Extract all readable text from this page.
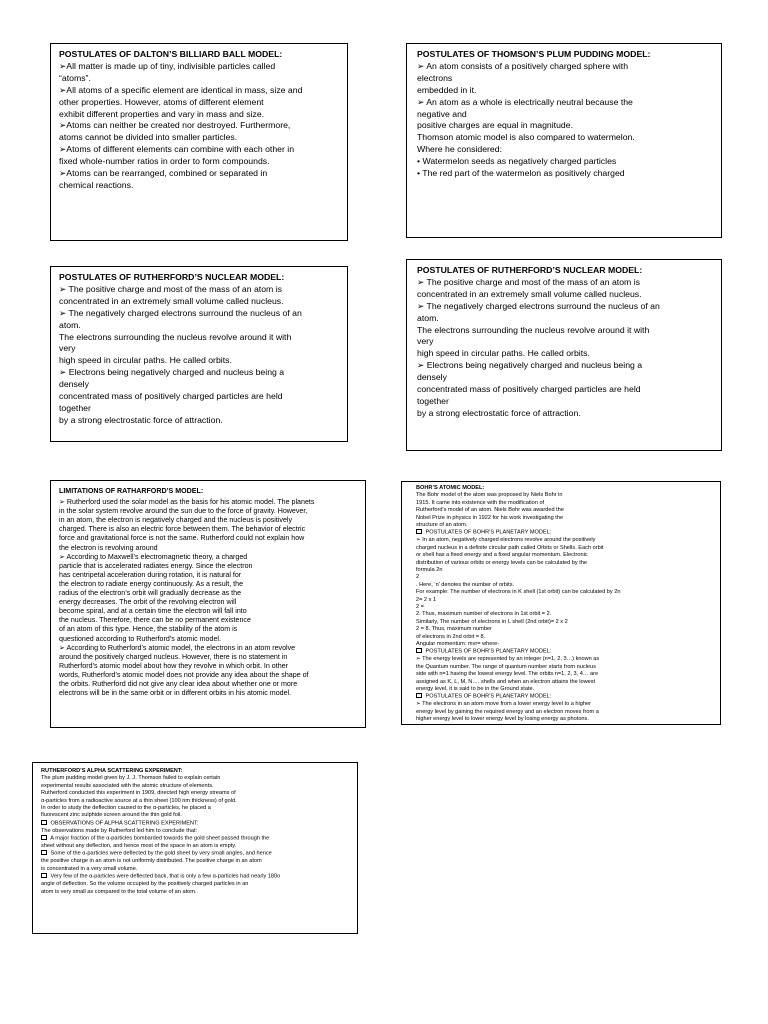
POSTULATES OF DALTON’S BILLIARD BALL MODEL:

➢All matter is made up of tiny, indivisible particles called
“atoms”.
➢All atoms of a specific element are identical in mass, size and
other properties. However, atoms of different element
exhibit different properties and vary in mass and size.
➢Atoms can neither be created nor destroyed. Furthermore,
atoms cannot be divided into smaller particles.
➢Atoms of different elements can combine with each other in
fixed whole-number ratios in order to form compounds.
➢Atoms can be rearranged, combined or separated in
chemical reactions.

POSTULATES OF THOMSON’S PLUM PUDDING MODEL:

➢ An atom consists of a positively charged sphere with
electrons
embedded in it.
➢ An atom as a whole is electrically neutral because the
negative and
positive charges are equal in magnitude.
Thomson atomic model is also compared to watermelon.
Where he considered:
• Watermelon seeds as negatively charged particles
• The red part of the watermelon as positively charged

POSTULATES OF RUTHERFORD’S NUCLEAR MODEL:

➢ The positive charge and most of the mass of an atom is
concentrated in an extremely small volume called nucleus.
➢ The negatively charged electrons surround the nucleus of an
atom.
The electrons surrounding the nucleus revolve around it with
very
high speed in circular paths. He called orbits.
➢ Electrons being negatively charged and nucleus being a
densely
concentrated mass of positively charged particles are held
together
by a strong electrostatic force of attraction.

POSTULATES OF RUTHERFORD’S NUCLEAR MODEL:

➢ The positive charge and most of the mass of an atom is
concentrated in an extremely small volume called nucleus.
➢ The negatively charged electrons surround the nucleus of an
atom.
The electrons surrounding the nucleus revolve around it with
very
high speed in circular paths. He called orbits.
➢ Electrons being negatively charged and nucleus being a
densely
concentrated mass of positively charged particles are held
together
by a strong electrostatic force of attraction.

LIMITATIONS OF RATHARFORD’S MODEL:

➢ Rutherford used the solar model as the basis for his atomic model. The planets
in the solar system revolve around the sun due to the force of gravity. However,
in an atom, the electron is negatively charged and the nucleus is positively
charged. There is also an electric force between them. The behavior of electric
force and gravitational force is not the same. Rutherford could not explain how
the electron is revolving around
➢ According to Maxwell’s electromagnetic theory, a charged
particle that is accelerated radiates energy. Since the electron
has centripetal acceleration during rotation, it is natural for
the electron to radiate energy continuously. As a result, the
radius of the electron’s orbit will gradually decrease as the
energy decreases. The orbit of the revolving electron will
become spiral, and at a certain time the electron will fall into
the nucleus. Therefore, there can be no permanent existence
of an atom of this type. Hence, the stability of the atom is
questioned according to Rutherford’s atomic model.
➢ According to Rutherford’s atomic model, the electrons in an atom revolve
around the positively charged nucleus. However, there is no statement in
Rutherford’s atomic model about how they revolve in which orbit. In other
words, Rutherford’s atomic model does not provide any idea about the shape of
the orbits. Rutherford did not give any clear idea about whether one or more
electrons will be in the same orbit or in different orbits in his atomic model.

BOHR’S ATOMIC MODEL:

The Bohr model of the atom was proposed by Niels Bohr in
1915. It came into existence with the modification of
Rutherford’s model of an atom. Niels Bohr was awarded the
Nobel Prize in physics in 1922 for his work investigating the
structure of an atom.
POSTULATES OF BOHR’S PLANETARY MODEL:
➢ In an atom, negatively charged electrons revolve around the positively
charged nucleus in a definite circular path called Orbits or Shells. Each orbit
or shell has a fixed energy and a fixed angular momentum. Electronic
distribution of various orbits or energy levels can be calculated by the
formula 2n
2
. Here, ‘n’ denotes the number of orbits.
For example: The number of electrons in K shell (1st orbit) can be calculated by 2n
2= 2 x 1
2 =
2. Thus, maximum number of electrons in 1st orbit = 2.
Similarly, The number of electrons in L shell (2nd orbit)= 2 x 2
2 = 8. Thus, maximum number
of electrons in 2nd orbit = 8.
Angular momentum: mvr= where-
POSTULATES OF BOHR’S PLANETARY MODEL:
➢ The energy levels are represented by an integer (n=1, 2, 3…) known as
the Quantum number. The range of quantum number starts from nucleus
side with n=1 having the lowest energy level. The orbits n=1, 2, 3, 4… are
assigned as K, L, M, N…. shells and when an electron attains the lowest
energy level, it is said to be in the Ground state.
POSTULATES OF BOHR’S PLANETARY MODEL:
➢ The electrons in an atom move from a lower energy level to a higher
energy level by gaining the required energy and an electron moves from a
higher energy level to lower energy level by losing energy as photons.

RUTHERFORD’S ALPHA SCATTERING EXPERIMENT:

The plum pudding model given by J. J. Thomson failed to explain certain
experimental results associated with the atomic structure of elements.
Rutherford conducted this experiment in 1909, directed high energy streams of
α-particles from a radioactive source at a thin sheet (100 nm thickness) of gold.
In order to study the deflection caused to the α-particles, he placed a
fluorescent zinc sulphide screen around the thin gold foil.
OBSERVATIONS OF ALPHA SCATTERING EXPERIMENT:
The observations made by Rutherford led him to conclude that:
A major fraction of the α-particles bombarded towards the gold sheet passed through the
sheet without any deflection, and hence most of the space in an atom is empty.
Some of the α-particles were deflected by the gold sheet by very small angles, and hence
the positive charge in an atom is not uniformly distributed. The positive charge in an atom
is concentrated in a very small volume.
Very few of the α-particles were deflected back, that is only a few α-particles had nearly 180o
angle of deflection. So the volume occupied by the positively charged particles in an
atom is very small as compared to the total volume of an atom.
